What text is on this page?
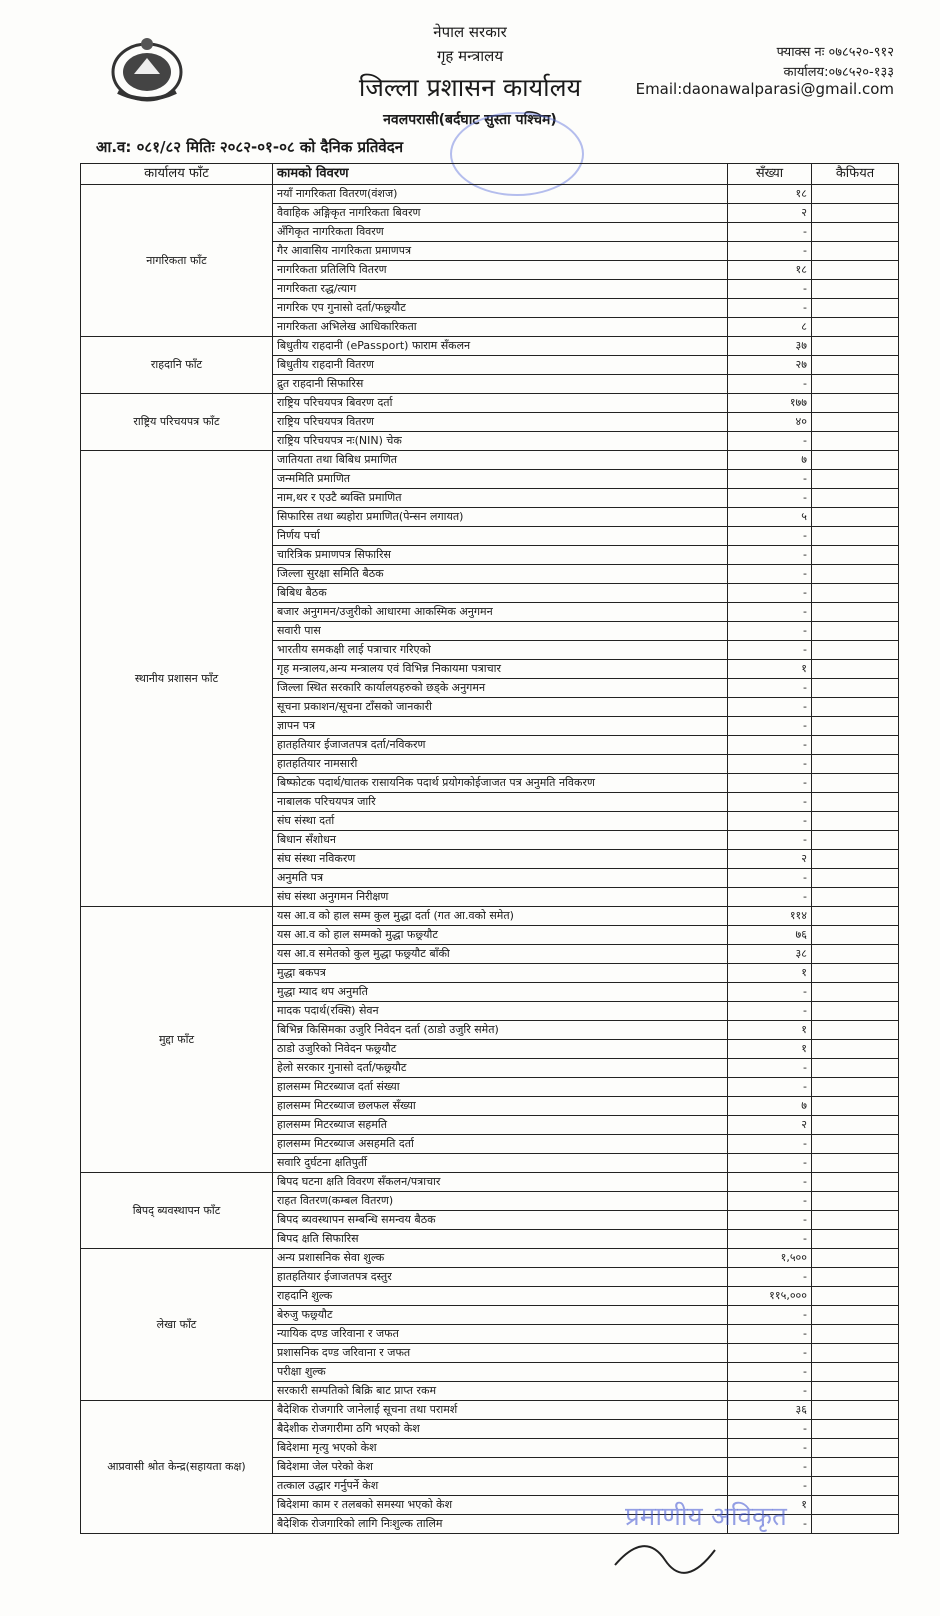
नेपाल सरकार
गृह मन्त्रालय
जिल्ला प्रशासन कार्यालय
नवलपरासी(बर्दघाट सुस्ता पश्चिम)
फ्याक्स नः ०७८५२०-९१२
कार्यालय:०७८५२०-१३३
Email:daonawalparasi@gmail.com
आ.व: ०८१/८२ मितिः २०८२-०१-०८ को दैनिक प्रतिवेदन
कार्यालय फाँट	कामको विवरण	सँख्या	कैफियत
नागरिकता फाँट	नयाँ नागरिकता वितरण(वंशज)	१८	
	वैवाहिक अङ्गिकृत नागरिकता बिवरण	२	
	अँगिकृत नागरिकता विवरण	-	
	गैर आवासिय नागरिकता प्रमाणपत्र	-	
	नागरिकता प्रतिलिपि वितरण	१८	
	नागरिकता रद्ध/त्याग	-	
	नागरिक एप गुनासो दर्ता/फछ्र्यौट	-	
	नागरिकता अभिलेख आधिकारिकता	८	
राहदानि फाँट	बिधुतीय राहदानी (ePassport) फाराम सँकलन	३७	
	बिधुतीय राहदानी वितरण	२७	
	द्रुत राहदानी सिफारिस	-	
राष्ट्रिय परिचयपत्र फाँट	राष्ट्रिय परिचयपत्र बिवरण दर्ता	१७७	
	राष्ट्रिय परिचयपत्र वितरण	४०	
	राष्ट्रिय परिचयपत्र नः(NIN) चेक	-	
स्थानीय प्रशासन फाँट	जातियता तथा बिबिध प्रमाणित	७	
	जन्ममिति प्रमाणित	-	
	नाम,थर र एउटै ब्यक्ति प्रमाणित	-	
	सिफारिस तथा ब्यहोरा प्रमाणित(पेन्सन लगायत)	५	
	निर्णय पर्चा	-	
	चारित्रिक प्रमाणपत्र सिफारिस	-	
	जिल्ला सुरक्षा समिति बैठक	-	
	बिबिध बैठक	-	
	बजार अनुगमन/उजुरीको आधारमा आकस्मिक अनुगमन	-	
	सवारी पास	-	
	भारतीय समकक्षी लाई पत्राचार गरिएको	-	
	गृह मन्त्रालय,अन्य मन्त्रालय एवं विभिन्न निकायमा पत्राचार	१	
	जिल्ला स्थित सरकारि कार्यालयहरुको छड्के अनुगमन	-	
	सूचना प्रकाशन/सूचना टाँसको जानकारी	-	
	ज्ञापन पत्र	-	
	हातहतियार ईजाजतपत्र दर्ता/नविकरण	-	
	हातहतियार नामसारी	-	
	बिष्फोटक पदार्थ/घातक रासायनिक पदार्थ प्रयोगकोईजाजत पत्र अनुमति नविकरण	-	
	नाबालक परिचयपत्र जारि	-	
	संघ संस्था दर्ता	-	
	बिधान सँशोधन	-	
	संघ संस्था नविकरण	२	
	अनुमति पत्र	-	
	संघ संस्था अनुगमन निरीक्षण	-	
मुद्दा फाँट	यस आ.व को हाल सम्म कुल मुद्धा दर्ता (गत आ.वको समेत)	११४	
	यस आ.व को हाल सम्मको मुद्धा फछ्र्यौट	७६	
	यस आ.व समेतको कुल मुद्धा फछ्र्यौट बाँकी	३८	
	मुद्धा बकपत्र	१	
	मुद्धा म्याद थप अनुमति	-	
	मादक पदार्थ(रक्सि) सेवन	-	
	बिभिन्न किसिमका उजुरि निवेदन दर्ता (ठाडो उजुरि समेत)	१	
	ठाडो उजुरिको निवेदन फछ्र्यौट	१	
	हेलो सरकार गुनासो दर्ता/फछ्र्यौट	-	
	हालसम्म मिटरब्याज दर्ता संख्या	-	
	हालसम्म मिटरब्याज छलफल सँख्या	७	
	हालसम्म मिटरब्याज सहमति	२	
	हालसम्म मिटरब्याज असहमति दर्ता	-	
	सवारि दुर्घटना क्षतिपुर्ती	-	
बिपद् ब्यवस्थापन फाँट	बिपद घटना क्षति विवरण सँकलन/पत्राचार	-	
	राहत वितरण(कम्बल वितरण)	-	
	बिपद ब्यवस्थापन सम्बन्धि समन्वय बैठक	-	
	बिपद क्षति सिफारिस	-	
लेखा फाँट	अन्य प्रशासनिक सेवा शुल्क	१,५००	
	हातहतियार ईजाजतपत्र दस्तुर	-	
	राहदानि शुल्क	११५,०००	
	बेरुजु फछ्र्यौट	-	
	न्यायिक दण्ड जरिवाना र जफत	-	
	प्रशासनिक दण्ड जरिवाना र जफत	-	
	परीक्षा शुल्क	-	
	सरकारी सम्पतिको बिक्रि बाट प्राप्त रकम	-	
आप्रवासी श्रोत केन्द्र(सहायता कक्ष)	बैदेशिक रोजगारि जानेलाई सूचना तथा परामर्श	३६	
	बैदेशीक रोजगारीमा ठगि भएको केश	-	
	बिदेशमा मृत्यु भएको केश	-	
	बिदेशमा जेल परेको केश	-	
	तत्काल उद्धार गर्नुपर्ने केश	-	
	बिदेशमा काम र तलबको समस्या भएको केश	१	
	बैदेशिक रोजगारिको लागि निःशुल्क तालिम	-	
प्रमाणीय अविकृत
